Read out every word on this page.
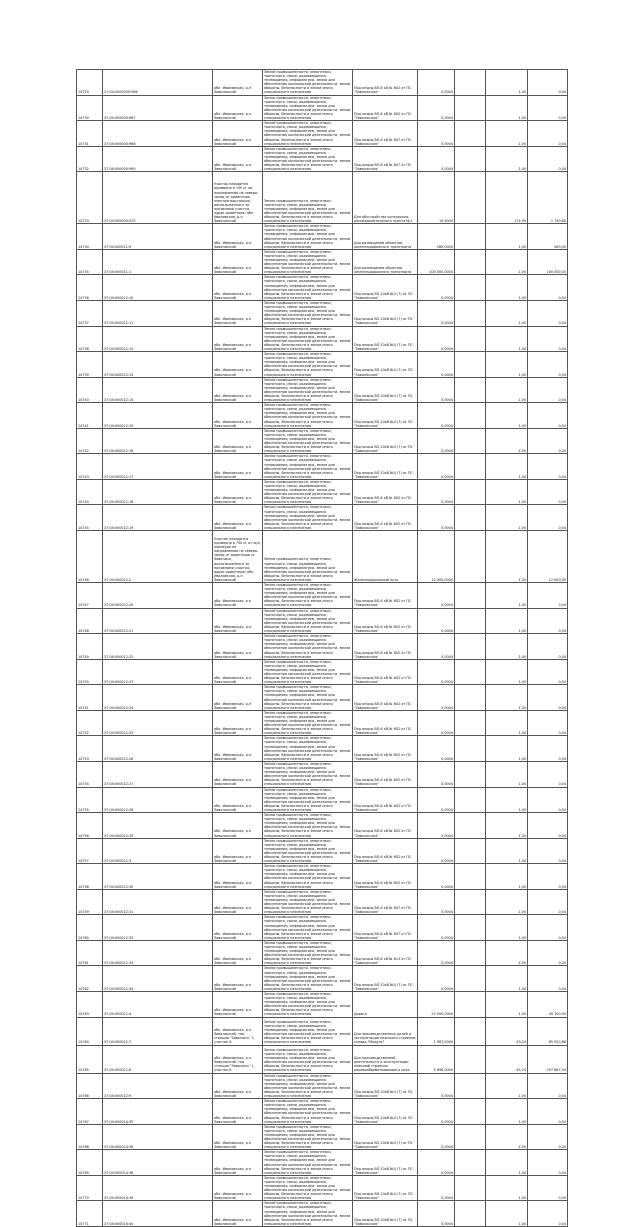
14729	27:04:0000000:966	обл. Ивановская, р-н Заволжский	Земли промышленности, энергетики, транспорта, связи, радиовещания, телевидения, информатики, земли для обеспечения космической деятельности, земли обороны, безопасности и земли иного специального назначения	Под опоры ВЛ-6 кВ № 602 от ПС "Заволжская"	0,0004		1,00	0,04
14730	37:04:000000:967	обл. Ивановская, р-н Заволжский	Земли промышленности, энергетики, транспорта, связи, радиовещания, телевидения, информатики, земли для обеспечения космической деятельности, земли обороны, безопасности и земли иного специального назначения	Под опоры ВЛ-6 кВ № 602 от ПС "Заволжская"	0,0004		1,00	0,04
14731	37:04:000000:968	обл. Ивановская, р-н Заволжский	Земли промышленности, энергетики, транспорта, связи, радиовещания, телевидения, информатики, земли для обеспечения космической деятельности, земли обороны, безопасности и земли иного специального назначения	Под опоры ВЛ-6 кВ № 607 от ПС "Заволжская"	0,0004		1,00	0,04
14732	37:04:000000:969	обл. Ивановская, р-н Заволжский	Земли промышленности, энергетики, транспорта, связи, радиовещания, телевидения, информатики, земли для обеспечения космической деятельности, земли обороны, безопасности и земли иного специального назначения	Под опоры ВЛ-6 кВ № 607 от ПС "Заволжская"	0,0004		1,00	0,04
14733	37:04:000000:970	Участок находится примерно в 150 м. по направлению на северо-запад от ориентира электроподстанция, расположенного за пределами участка, адрес ориентира: обл. Ивановская, р-н Заволжский	Земли промышленности, энергетики, транспорта, связи, радиовещания, телевидения, информатики, земли для обеспечения космической деятельности, земли обороны, безопасности и земли иного специального назначения	Для обустройства контрольно-распределительного пункта №1	10,9000		174,99	1 749,80
14734	37:04:000011:9	обл. Ивановская, р-н Заволжский	Земли промышленности, энергетики, транспорта, связи, радиовещания, телевидения, информатики, земли для обеспечения космической деятельности, земли обороны, безопасности и земли иного специального назначения	Для размещения объектов железнодорожного транспорта	269,0000		1,00	269,00
14735	37:04:000011:1	обл. Ивановская, р-н Заволжский	Земли промышленности, энергетики, транспорта, связи, радиовещания, телевидения, информатики, земли для обеспечения космической деятельности, земли обороны, безопасности и земли иного специального назначения	Для размещения объектов железнодорожного транспорта	100 000,0000		1,00	100 000,00
14736	37:04:000012:10	обл. Ивановская, р-н Заволжский	Земли промышленности, энергетики, транспорта, связи, радиовещания, телевидения, информатики, земли для обеспечения космической деятельности, земли обороны, безопасности и земли иного специального назначения	Под опоры ВЛ-10кВ №3 (7) от ПС "Заволжская"	0,0004		1,00	0,04
14737	37:04:000012:11	обл. Ивановская, р-н Заволжский	Земли промышленности, энергетики, транспорта, связи, радиовещания, телевидения, информатики, земли для обеспечения космической деятельности, земли обороны, безопасности и земли иного специального назначения	Под опоры ВЛ-10кВ №4 (7) от ПС "Заволжская"	0,0004		1,00	0,04
14738	37:04:000012:12	обл. Ивановская, р-н Заволжский	Земли промышленности, энергетики, транспорта, связи, радиовещания, телевидения, информатики, земли для обеспечения космической деятельности, земли обороны, безопасности и земли иного специального назначения	Под опоры ВЛ-10кВ №4 (7) от ПС "Заволжская"	0,0004		1,00	0,04
14739	37:04:000012:13	обл. Ивановская, р-н Заволжский	Земли промышленности, энергетики, транспорта, связи, радиовещания, телевидения, информатики, земли для обеспечения космической деятельности, земли обороны, безопасности и земли иного специального назначения	Под опоры ВЛ-10кВ №4 (7) от ПС "Заволжская"	0,0004		1,00	0,04
14740	37:04:000012:14	обл. Ивановская, р-н Заволжский	Земли промышленности, энергетики, транспорта, связи, радиовещания, телевидения, информатики, земли для обеспечения космической деятельности, земли обороны, безопасности и земли иного специального назначения	Под опоры ВЛ-10кВ №4 (7) от ПС "Заволжская"	0,0004		1,00	0,04
14741	37:04:000012:15	обл. Ивановская, р-н Заволжский	Земли промышленности, энергетики, транспорта, связи, радиовещания, телевидения, информатики, земли для обеспечения космической деятельности, земли обороны, безопасности и земли иного специального назначения	Под опоры ВЛ-10кВ №4 (7) от ПС "Заволжская"	0,0004		1,00	0,04
14742	37:04:000012:16	обл. Ивановская, р-н Заволжский	Земли промышленности, энергетики, транспорта, связи, радиовещания, телевидения, информатики, земли для обеспечения космической деятельности, земли обороны, безопасности и земли иного специального назначения	Под опоры ВЛ-10кВ №4 (7) от ПС "Заволжская"	0,0004		1,00	0,04
14743	37:04:000012:17	обл. Ивановская, р-н Заволжский	Земли промышленности, энергетики, транспорта, связи, радиовещания, телевидения, информатики, земли для обеспечения космической деятельности, земли обороны, безопасности и земли иного специального назначения	Под опоры ВЛ-10кВ №4 (7) от ПС "Заволжская"	0,0004		1,00	0,04
14744	37:04:000012:18	обл. Ивановская, р-н Заволжский	Земли промышленности, энергетики, транспорта, связи, радиовещания, телевидения, информатики, земли для обеспечения космической деятельности, земли обороны, безопасности и земли иного специального назначения	Под опоры ВЛ-6 кВ № 602 от ПС "Заволжская"	0,0004		1,00	0,04
14745	37:04:000012:19	обл. Ивановская, р-н Заволжский	Земли промышленности, энергетики, транспорта, связи, радиовещания, телевидения, информатики, земли для обеспечения космической деятельности, земли обороны, безопасности и земли иного специального назначения	Под опоры ВЛ-6 кВ № 602 от ПС "Заволжская"	0,0004		1,00	0,04
14746	37:04:000012:2	Участок находится примерно в 750 м. от ж/д переезда по направлению на северо-запад от ориентира ст. Заволжск, расположенного за пределами участка, адрес ориентира: обл. Ивановская, р-н Заволжский	Земли промышленности, энергетики, транспорта, связи, радиовещания, телевидения, информатики, земли для обеспечения космической деятельности, земли обороны, безопасности и земли иного специального назначения	Железнодорожный путь	12 000,0000		1,00	12 000,00
14747	37:04:000012:20	обл. Ивановская, р-н Заволжский	Земли промышленности, энергетики, транспорта, связи, радиовещания, телевидения, информатики, земли для обеспечения космической деятельности, земли обороны, безопасности и земли иного специального назначения	Под опоры ВЛ-6 кВ № 602 от ПС "Заволжская"	0,0004		1,00	0,04
14748	37:04:000012:21	обл. Ивановская, р-н Заволжский	Земли промышленности, энергетики, транспорта, связи, радиовещания, телевидения, информатики, земли для обеспечения космической деятельности, земли обороны, безопасности и земли иного специального назначения	Под опоры ВЛ-6 кВ № 602 от ПС "Заволжская"	0,0004		1,00	0,04
14749	37:04:000012:22	обл. Ивановская, р-н Заволжский	Земли промышленности, энергетики, транспорта, связи, радиовещания, телевидения, информатики, земли для обеспечения космической деятельности, земли обороны, безопасности и земли иного специального назначения	Под опоры ВЛ-6 кВ № 602 от ПС "Заволжская"	0,0004		1,00	0,04
14750	37:04:000012:23	обл. Ивановская, р-н Заволжский	Земли промышленности, энергетики, транспорта, связи, радиовещания, телевидения, информатики, земли для обеспечения космической деятельности, земли обороны, безопасности и земли иного специального назначения	Под опоры ВЛ-6 кВ № 602 от ПС "Заволжская"	0,0004		1,00	0,04
14751	37:04:000012:24	обл. Ивановская, р-н Заволжский	Земли промышленности, энергетики, транспорта, связи, радиовещания, телевидения, информатики, земли для обеспечения космической деятельности, земли обороны, безопасности и земли иного специального назначения	Под опоры ВЛ-6 кВ № 602 от ПС "Заволжская"	0,0004		1,00	0,04
14752	37:04:000012:25	обл. Ивановская, р-н Заволжский	Земли промышленности, энергетики, транспорта, связи, радиовещания, телевидения, информатики, земли для обеспечения космической деятельности, земли обороны, безопасности и земли иного специального назначения	Под опоры ВЛ-6 кВ № 602 от ПС "Заволжская"	0,0004		1,00	0,04
14753	37:04:000012:26	обл. Ивановская, р-н Заволжский	Земли промышленности, энергетики, транспорта, связи, радиовещания, телевидения, информатики, земли для обеспечения космической деятельности, земли обороны, безопасности и земли иного специального назначения	Под опоры ВЛ-6 кВ № 602 от ПС "Заволжская"	0,0004		1,00	0,04
14754	37:04:000012:27	обл. Ивановская, р-н Заволжский	Земли промышленности, энергетики, транспорта, связи, радиовещания, телевидения, информатики, земли для обеспечения космической деятельности, земли обороны, безопасности и земли иного специального назначения	Под опоры ВЛ-6 кВ № 602 от ПС "Заволжская"	0,0004		1,00	0,04
14755	37:04:000012:28	обл. Ивановская, р-н Заволжский	Земли промышленности, энергетики, транспорта, связи, радиовещания, телевидения, информатики, земли для обеспечения космической деятельности, земли обороны, безопасности и земли иного специального назначения	Под опоры ВЛ-6 кВ № 602 от ПС "Заволжская"	0,0004		1,00	0,04
14756	37:04:000012:29	обл. Ивановская, р-н Заволжский	Земли промышленности, энергетики, транспорта, связи, радиовещания, телевидения, информатики, земли для обеспечения космической деятельности, земли обороны, безопасности и земли иного специального назначения	Под опоры ВЛ-6 кВ № 602 от ПС "Заволжская"	0,0004		1,00	0,04
14757	37:04:000012:3	обл. Ивановская, р-н Заволжский	Земли промышленности, энергетики, транспорта, связи, радиовещания, телевидения, информатики, земли для обеспечения космической деятельности, земли обороны, безопасности и земли иного специального назначения	Под опоры ВЛ-6 кВ № 602 от ПС "Заволжская"	0,0004		1,00	0,04
14758	37:04:000012:30	обл. Ивановская, р-н Заволжский	Земли промышленности, энергетики, транспорта, связи, радиовещания, телевидения, информатики, земли для обеспечения космической деятельности, земли обороны, безопасности и земли иного специального назначения	Под опоры ВЛ-6 кВ № 602 от ПС "Заволжская"	0,0004		1,00	0,04
14759	37:04:000012:31	обл. Ивановская, р-н Заволжский	Земли промышленности, энергетики, транспорта, связи, радиовещания, телевидения, информатики, земли для обеспечения космической деятельности, земли обороны, безопасности и земли иного специального назначения	Под опоры ВЛ-6 кВ № 607 от ПС "Заволжская"	0,0004		1,00	0,04
14760	37:04:000012:32	обл. Ивановская, р-н Заволжский	Земли промышленности, энергетики, транспорта, связи, радиовещания, телевидения, информатики, земли для обеспечения космической деятельности, земли обороны, безопасности и земли иного специального назначения	Под опоры ВЛ-6 кВ № 607 от ПС "Заволжская"	0,0004		1,00	0,04
14761	37:04:000012:33	обл. Ивановская, р-н Заволжский	Земли промышленности, энергетики, транспорта, связи, радиовещания, телевидения, информатики, земли для обеспечения космической деятельности, земли обороны, безопасности и земли иного специального назначения	Под опоры ВЛ-6 кВ № 613 от ПС "Заволжская"	0,0004		1,00	0,04
14762	37:04:000012:34	обл. Ивановская, р-н Заволжский	Земли промышленности, энергетики, транспорта, связи, радиовещания, телевидения, информатики, земли для обеспечения космической деятельности, земли обороны, безопасности и земли иного специального назначения	Под опоры ВЛ-10кВ №4 (7) от ПС "Заволжская"	0,0004		1,00	0,04
14763	37:04:000012:4	обл. Ивановская, р-н Заволжский	Земли промышленности, энергетики, транспорта, связи, радиовещания, телевидения, информатики, земли для обеспечения космической деятельности, земли обороны, безопасности и земли иного специального назначения	Дорога	22 000,0000		1,00	45 100,00
14764	37:04:000012:7	обл. Ивановская, р-н Заволжский, тер. станции "Заволжск" 1, участок А	Земли промышленности, энергетики, транспорта, связи, радиовещания, телевидения, информатики, земли для обеспечения космической деятельности, земли обороны, безопасности и земли иного специального назначения	Для производственных целей и эксплуатации нежилого строения склада "Модуль"	1 987,0000		43,24	85 920,88
14765	37:04:000012:8	обл. Ивановская, р-н Заволжский, тер. станции "Заволжск" 1, участок Б	Земли промышленности, энергетики, транспорта, связи, радиовещания, телевидения, информатики, земли для обеспечения космической деятельности, земли обороны, безопасности и земли иного специального назначения	Для производственной деятельности и эксплуатации нежилой строения деревообрабатывающего цеха	5 696,0000		45,24	257 687,04
14766	37:04:000012:9	обл. Ивановская, р-н Заволжский	Земли промышленности, энергетики, транспорта, связи, радиовещания, телевидения, информатики, земли для обеспечения космической деятельности, земли обороны, безопасности и земли иного специального назначения	Под опоры ВЛ-10кВ №4 (7) от ПС "Заволжская"	0,0004		1,00	0,04
14767	37:04:000014:35	обл. Ивановская, р-н Заволжский	Земли промышленности, энергетики, транспорта, связи, радиовещания, телевидения, информатики, земли для обеспечения космической деятельности, земли обороны, безопасности и земли иного специального назначения	Под опоры ВЛ-10кВ №4 (7) от ПС "Заволжская"	0,0004		1,00	0,04
14768	37:04:000014:36	обл. Ивановская, р-н Заволжский	Земли промышленности, энергетики, транспорта, связи, радиовещания, телевидения, информатики, земли для обеспечения космической деятельности, земли обороны, безопасности и земли иного специального назначения	Под опоры ВЛ-10кВ №4 (7) от ПС "Заволжская"	0,0004		1,00	0,04
14769	37:04:000014:38	обл. Ивановская, р-н Заволжский	Земли промышленности, энергетики, транспорта, связи, радиовещания, телевидения, информатики, земли для обеспечения космической деятельности, земли обороны, безопасности и земли иного специального назначения	Под опоры ВЛ-10кВ №4 (7) от ПС "Заволжская"	0,0004		1,00	0,04
14770	37:04:000014:39	обл. Ивановская, р-н Заволжский	Земли промышленности, энергетики, транспорта, связи, радиовещания, телевидения, информатики, земли для обеспечения космической деятельности, земли обороны, безопасности и земли иного специального назначения	Под опоры ВЛ-10кВ №4 (7) от ПС "Заволжская"	0,0004		1,00	0,04
14771	37:04:000014:40	обл. Ивановская, р-н Заволжский	Земли промышленности, энергетики, транспорта, связи, радиовещания, телевидения, информатики, земли для обеспечения космической деятельности, земли обороны, безопасности и земли иного специального назначения	Под опоры ВЛ-10кВ №4 (7) от ПС "Заволжская"	0,0004		1,00	0,04
